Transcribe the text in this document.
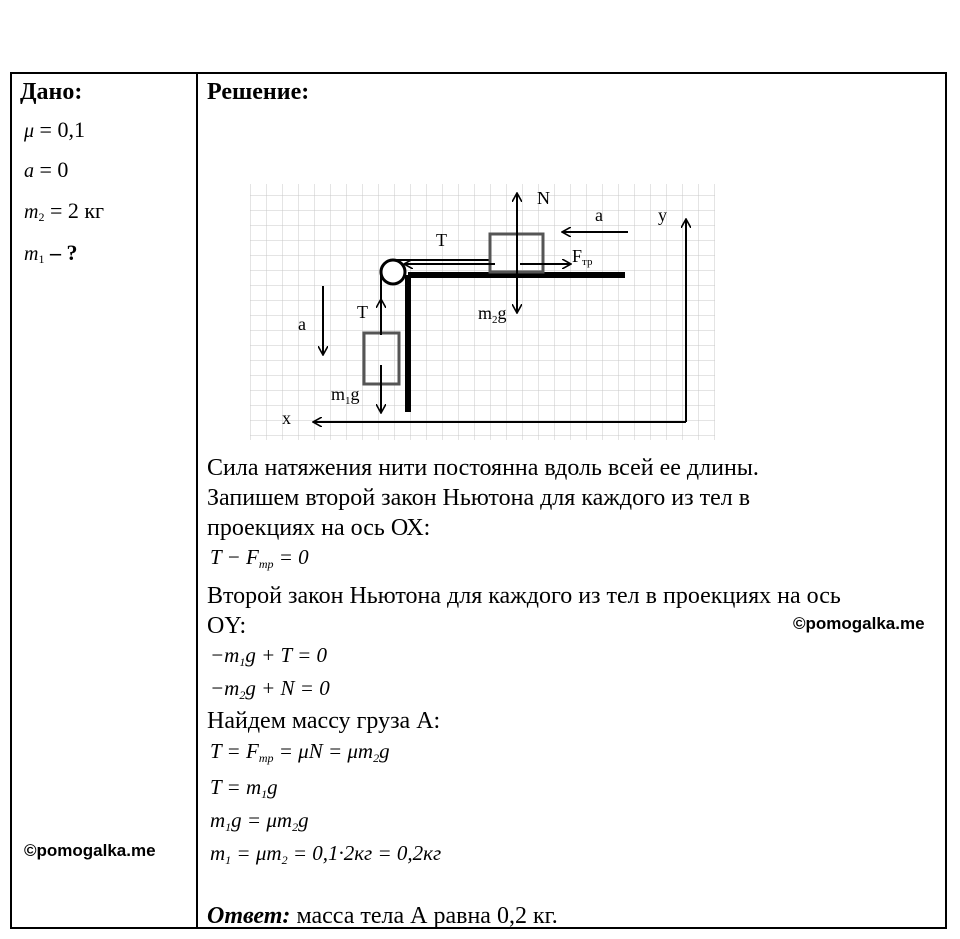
Дано:
μ = 0,1
a = 0
$m_2 = 2$ кг
$m_1$ – ?
©pomogalka.me
Решение:
N
a	y
T
Fтр
$m_2g$
a
T
$m_1g$
x
Сила натяжения нити постоянна вдоль всей ее длины.
Запишем второй закон Ньютона для каждого из тел в
проекциях на ось ОХ:
$T - F_{тр} = 0$
Второй закон Ньютона для каждого из тел в проекциях на ось
OY:	©pomogalka.me
$-m_1g + T = 0$
$-m_2g + N = 0$
Найдем массу груза А:
$T = F_{тр} = \mu N = \mu m_2g$
$T = m_1g$
$m_1g = \mu m_2g$
$m_1 = \mu m_2 = 0,1\cdot 2кг = 0,2кг$
Ответ: масса тела А равна 0,2 кг.
